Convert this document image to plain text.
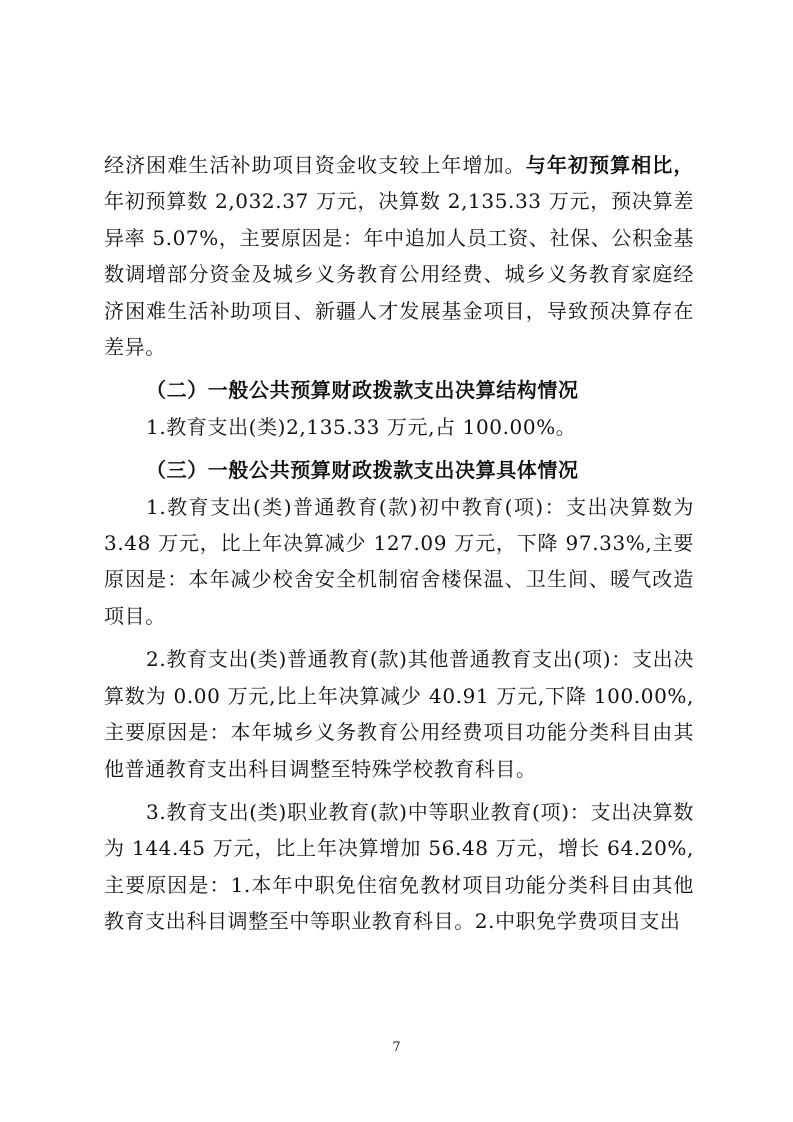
经济困难生活补助项目资金收支较上年增加。与年初预算相比，年初预算数 2,032.37 万元，决算数 2,135.33 万元，预决算差异率 5.07%，主要原因是：年中追加人员工资、社保、公积金基数调增部分资金及城乡义务教育公用经费、城乡义务教育家庭经济困难生活补助项目、新疆人才发展基金项目，导致预决算存在差异。

（二）一般公共预算财政拨款支出决算结构情况

1.教育支出(类)2,135.33 万元,占 100.00%。

（三）一般公共预算财政拨款支出决算具体情况

1.教育支出(类)普通教育(款)初中教育(项)：支出决算数为3.48 万元，比上年决算减少 127.09 万元，下降 97.33%,主要原因是：本年减少校舍安全机制宿舍楼保温、卫生间、暖气改造项目。

2.教育支出(类)普通教育(款)其他普通教育支出(项)：支出决算数为 0.00 万元,比上年决算减少 40.91 万元,下降 100.00%,主要原因是：本年城乡义务教育公用经费项目功能分类科目由其他普通教育支出科目调整至特殊学校教育科目。

3.教育支出(类)职业教育(款)中等职业教育(项)：支出决算数为 144.45 万元，比上年决算增加 56.48 万元，增长 64.20%,主要原因是：1.本年中职免住宿免教材项目功能分类科目由其他教育支出科目调整至中等职业教育科目。2.中职免学费项目支出

7
